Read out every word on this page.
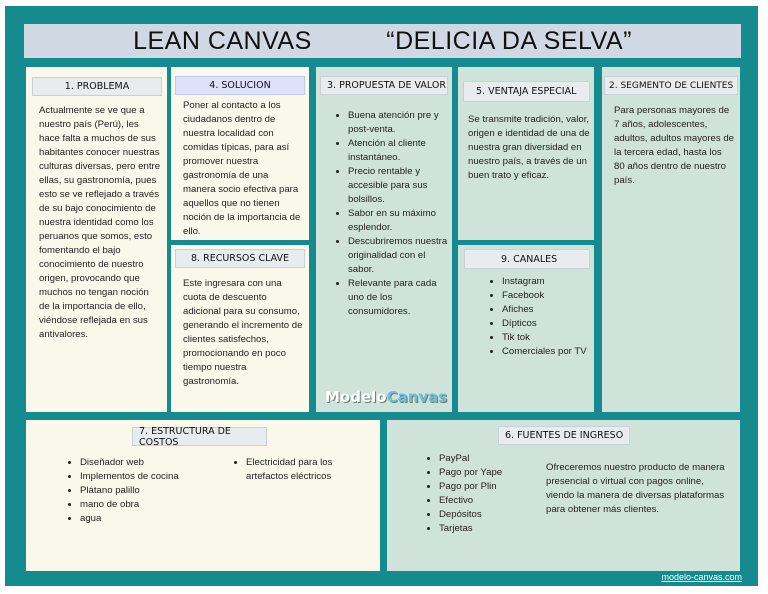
LEAN CANVAS          “DELICIA DA SELVA”
1. PROBLEMA
Actualmente se ve que a nuestro país (Perú), les hace falta a muchos de sus habitantes conocer nuestras culturas diversas, pero entre ellas, su gastronomía, pues esto se ve reflejado a través de su bajo conocimiento de nuestra identidad como los peruanos que somos, esto fomentando el bajo conocimiento de nuestro origen, provocando que muchos no tengan noción de la importancia de ello, viéndose reflejada en sus antivalores.
4. SOLUCION
Poner al contacto a los ciudadanos dentro de nuestra localidad con comidas típicas, para así promover nuestra gastronomía de una manera socio efectiva para aquellos que no tienen noción de la importancia de ello.
8. RECURSOS CLAVE
Este ingresara con una cuota de descuento adicional para su consumo, generando el incremento de clientes satisfechos, promocionando en poco tiempo nuestra gastronomía.
3. PROPUESTA DE VALOR
• Buena atención pre y post-venta.
• Atención al cliente instantáneo.
• Precio rentable y accesible para sus bolsillos.
• Sabor en su máximo esplendor.
• Descubriremos nuestra originalidad con el sabor.
• Relevante para cada uno de los consumidores.
ModeloCanvas
5. VENTAJA ESPECIAL
Se transmite tradición, valor, origen e identidad de una de nuestra gran diversidad en nuestro país, a través de un buen trato y eficaz.
9. CANALES
• Instagram
• Facebook
• Afiches
• Dípticos
• Tik tok
• Comerciales por TV
2. SEGMENTO DE CLIENTES
Para personas mayores de 7 años, adolescentes, adultos, adultos mayores de la tercera edad, hasta los 80 años dentro de nuestro país.
7. ESTRUCTURA DE COSTOS
• Diseñador web
• Implementos de cocina
• Plátano palillo
• mano de obra
• agua
• Electricidad para los artefactos eléctricos
6. FUENTES DE INGRESO
• PayPal
• Pago por Yape
• Pago por Plin
• Efectivo
• Depósitos
• Tarjetas
Ofreceremos nuestro producto de manera presencial o virtual con pagos online, viendo la manera de diversas plataformas para obtener más clientes.
modelo-canvas.com
